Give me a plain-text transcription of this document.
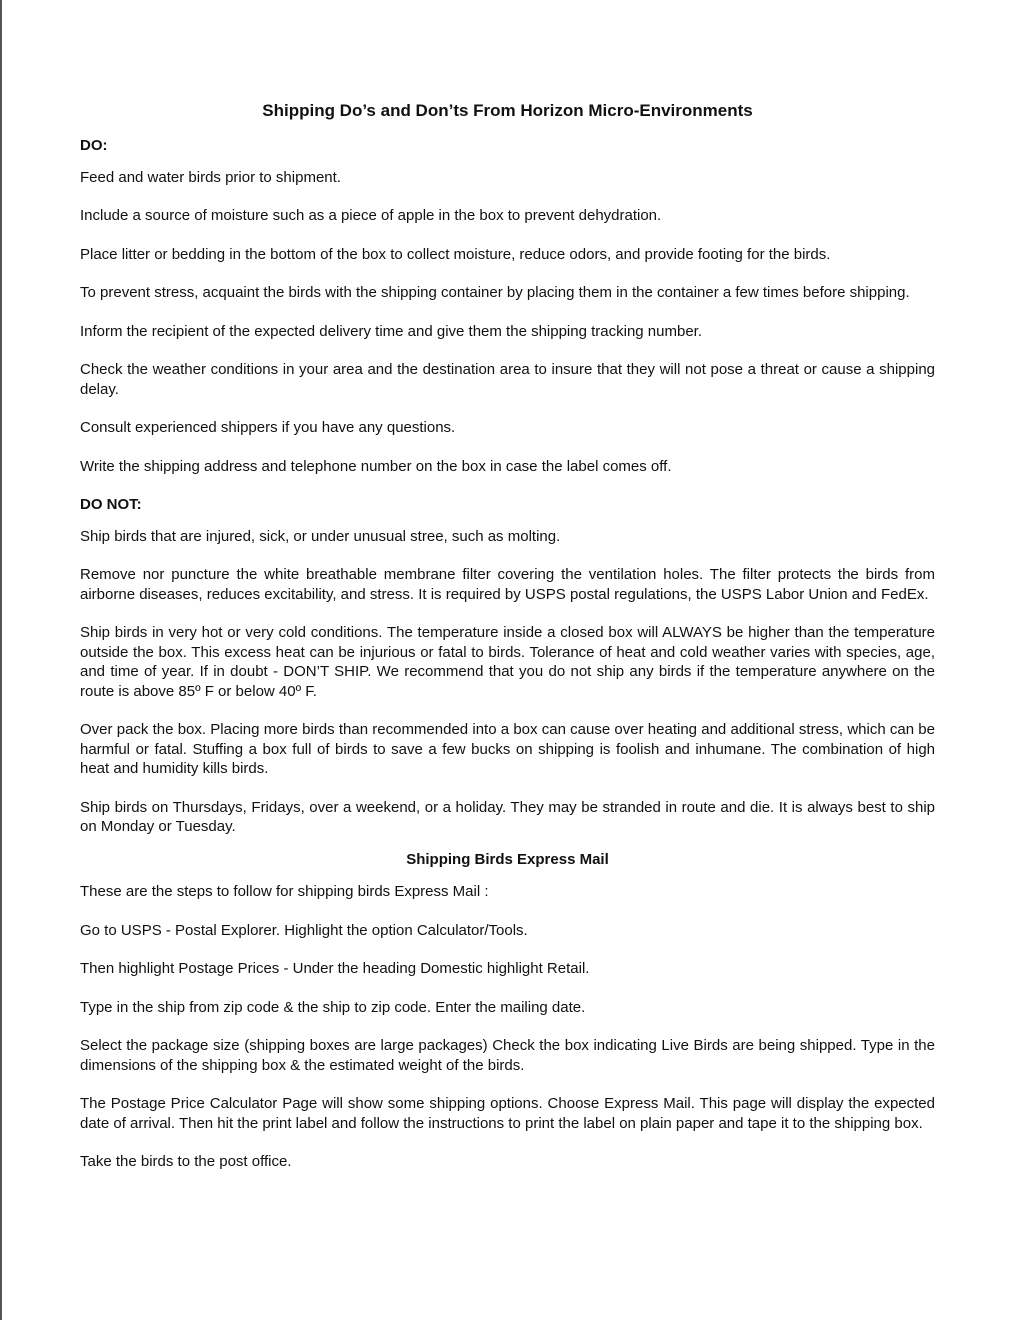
Shipping Do’s and Don’ts From Horizon Micro-Environments
DO:

Feed and water birds prior to shipment.

Include a source of moisture such as a piece of apple in the box to prevent dehydration.

Place litter or bedding in the bottom of the box to collect moisture, reduce odors, and provide footing for the birds.

To prevent stress, acquaint the birds with the shipping container by placing them in the container a few times before shipping.

Inform the recipient of the expected delivery time and give them the shipping tracking number.

Check the weather conditions in your area and the destination area to insure that they will not pose a threat or cause a shipping delay.

Consult experienced shippers if you have any questions.

Write the shipping address and telephone number on the box in case the label comes off.

DO NOT:

Ship birds that are injured, sick, or under unusual stree, such as molting.

Remove nor puncture the white breathable membrane filter covering the ventilation holes. The filter protects the birds from airborne diseases, reduces excitability, and stress. It is required by USPS postal regulations, the USPS Labor Union and FedEx.

Ship birds in very hot or very cold conditions. The temperature inside a closed box will ALWAYS be higher than the temperature outside the box. This excess heat can be injurious or fatal to birds. Tolerance of heat and cold weather varies with species, age, and time of year. If in doubt - DON’T SHIP. We recommend that you do not ship any birds if the temperature anywhere on the route is above 85º F or below 40º F.

Over pack the box. Placing more birds than recommended into a box can cause over heating and additional stress, which can be harmful or fatal. Stuffing a box full of birds to save a few bucks on shipping is foolish and inhumane. The combination of high heat and humidity kills birds.

Ship birds on Thursdays, Fridays, over a weekend, or a holiday. They may be stranded in route and die. It is always best to ship on Monday or Tuesday.

Shipping Birds Express Mail

These are the steps to follow for shipping birds Express Mail :

Go to USPS - Postal Explorer. Highlight the option Calculator/Tools.

Then highlight Postage Prices - Under the heading Domestic highlight Retail.

Type in the ship from zip code & the ship to zip code. Enter the mailing date.

Select the package size (shipping boxes are large packages) Check the box indicating Live Birds are being shipped. Type in the dimensions of the shipping box & the estimated weight of the birds.

The Postage Price Calculator Page will show some shipping options. Choose Express Mail. This page will display the expected date of arrival. Then hit the print label and follow the instructions to print the label on plain paper and tape it to the shipping box.

Take the birds to the post office.
